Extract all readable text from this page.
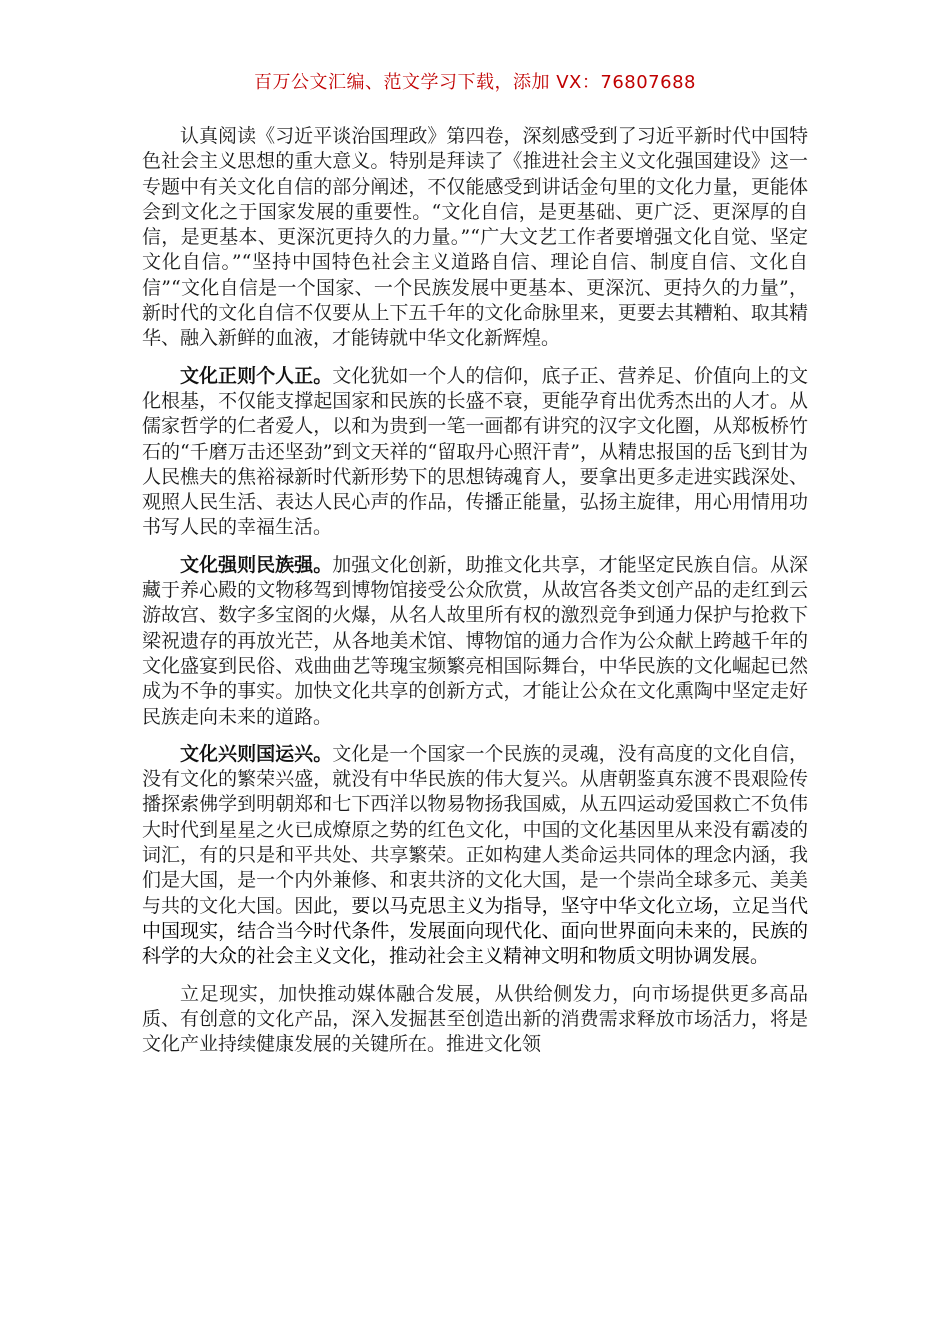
百万公文汇编、范文学习下载，添加 VX：76807688

认真阅读《习近平谈治国理政》第四卷，深刻感受到了习近平新时代中国特色社会主义思想的重大意义。特别是拜读了《推进社会主义文化强国建设》这一专题中有关文化自信的部分阐述，不仅能感受到讲话金句里的文化力量，更能体会到文化之于国家发展的重要性。“文化自信，是更基础、更广泛、更深厚的自信，是更基本、更深沉更持久的力量。”“广大文艺工作者要增强文化自觉、坚定文化自信。”“坚持中国特色社会主义道路自信、理论自信、制度自信、文化自信”“文化自信是一个国家、一个民族发展中更基本、更深沉、更持久的力量”，新时代的文化自信不仅要从上下五千年的文化命脉里来，更要去其糟粕、取其精华、融入新鲜的血液，才能铸就中华文化新辉煌。

文化正则个人正。文化犹如一个人的信仰，底子正、营养足、价值向上的文化根基，不仅能支撑起国家和民族的长盛不衰，更能孕育出优秀杰出的人才。从儒家哲学的仁者爱人，以和为贵到一笔一画都有讲究的汉字文化圈，从郑板桥竹石的“千磨万击还坚劲”到文天祥的“留取丹心照汗青”，从精忠报国的岳飞到甘为人民樵夫的焦裕禄新时代新形势下的思想铸魂育人，要拿出更多走进实践深处、观照人民生活、表达人民心声的作品，传播正能量，弘扬主旋律，用心用情用功书写人民的幸福生活。

文化强则民族强。加强文化创新，助推文化共享，才能坚定民族自信。从深藏于养心殿的文物移驾到博物馆接受公众欣赏，从故宫各类文创产品的走红到云游故宫、数字多宝阁的火爆，从名人故里所有权的激烈竞争到通力保护与抢救下梁祝遗存的再放光芒，从各地美术馆、博物馆的通力合作为公众献上跨越千年的文化盛宴到民俗、戏曲曲艺等瑰宝频繁亮相国际舞台，中华民族的文化崛起已然成为不争的事实。加快文化共享的创新方式，才能让公众在文化熏陶中坚定走好民族走向未来的道路。

文化兴则国运兴。文化是一个国家一个民族的灵魂，没有高度的文化自信，没有文化的繁荣兴盛，就没有中华民族的伟大复兴。从唐朝鉴真东渡不畏艰险传播探索佛学到明朝郑和七下西洋以物易物扬我国威，从五四运动爱国救亡不负伟大时代到星星之火已成燎原之势的红色文化，中国的文化基因里从来没有霸凌的词汇，有的只是和平共处、共享繁荣。正如构建人类命运共同体的理念内涵，我们是大国，是一个内外兼修、和衷共济的文化大国，是一个崇尚全球多元、美美与共的文化大国。因此，要以马克思主义为指导，坚守中华文化立场，立足当代中国现实，结合当今时代条件，发展面向现代化、面向世界面向未来的，民族的科学的大众的社会主义文化，推动社会主义精神文明和物质文明协调发展。

立足现实，加快推动媒体融合发展，从供给侧发力，向市场提供更多高品质、有创意的文化产品，深入发掘甚至创造出新的消费需求释放市场活力，将是文化产业持续健康发展的关键所在。推进文化领
